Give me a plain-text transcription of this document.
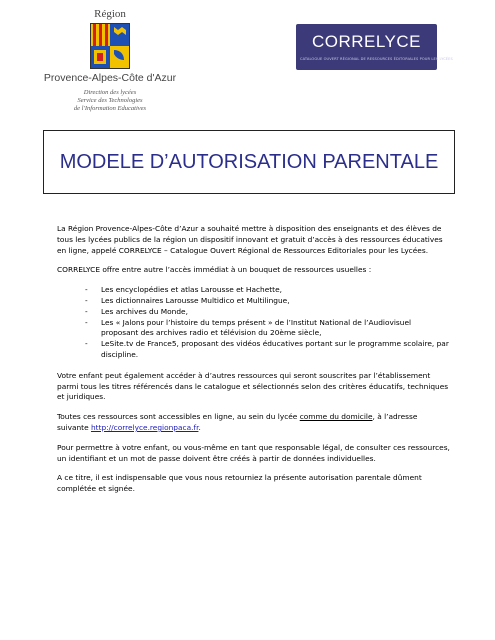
Région
Provence-Alpes-Côte d'Azur
Direction des lycées
Service des Technologies
de l'Information Educatives
CORRELYCE
CATALOGUE OUVERT RÉGIONAL DE RESSOURCES ÉDITORIALES POUR LES LYCÉES
MODELE D’AUTORISATION PARENTALE

La Région Provence-Alpes-Côte d’Azur a souhaité mettre à disposition des enseignants et des élèves de tous les lycées publics de la région un dispositif innovant et gratuit d’accès à des ressources éducatives en ligne, appelé CORRELYCE – Catalogue Ouvert Régional de Ressources Editoriales pour les Lycées.

CORRELYCE offre entre autre l’accès immédiat à un bouquet de ressources usuelles :

- Les encyclopédies et atlas Larousse et Hachette,
- Les dictionnaires Larousse Multidico et Multilingue,
- Les archives du Monde,
- Les « Jalons pour l’histoire du temps présent » de l’Institut National de l’Audiovisuel proposant des archives radio et télévision du 20ème siècle,
- LeSite.tv de France5, proposant des vidéos éducatives portant sur le programme scolaire, par discipline.

Votre enfant peut également accéder à d’autres ressources qui seront souscrites par l’établissement parmi tous les titres référencés dans le catalogue et sélectionnés selon des critères éducatifs, techniques et juridiques.

Toutes ces ressources sont accessibles en ligne, au sein du lycée comme du domicile, à l’adresse suivante http://correlyce.regionpaca.fr.

Pour permettre à votre enfant, ou vous-même en tant que responsable légal, de consulter ces ressources, un identifiant et un mot de passe doivent être créés à partir de données individuelles.

A ce titre, il est indispensable que vous nous retourniez la présente autorisation parentale dûment complétée et signée.
